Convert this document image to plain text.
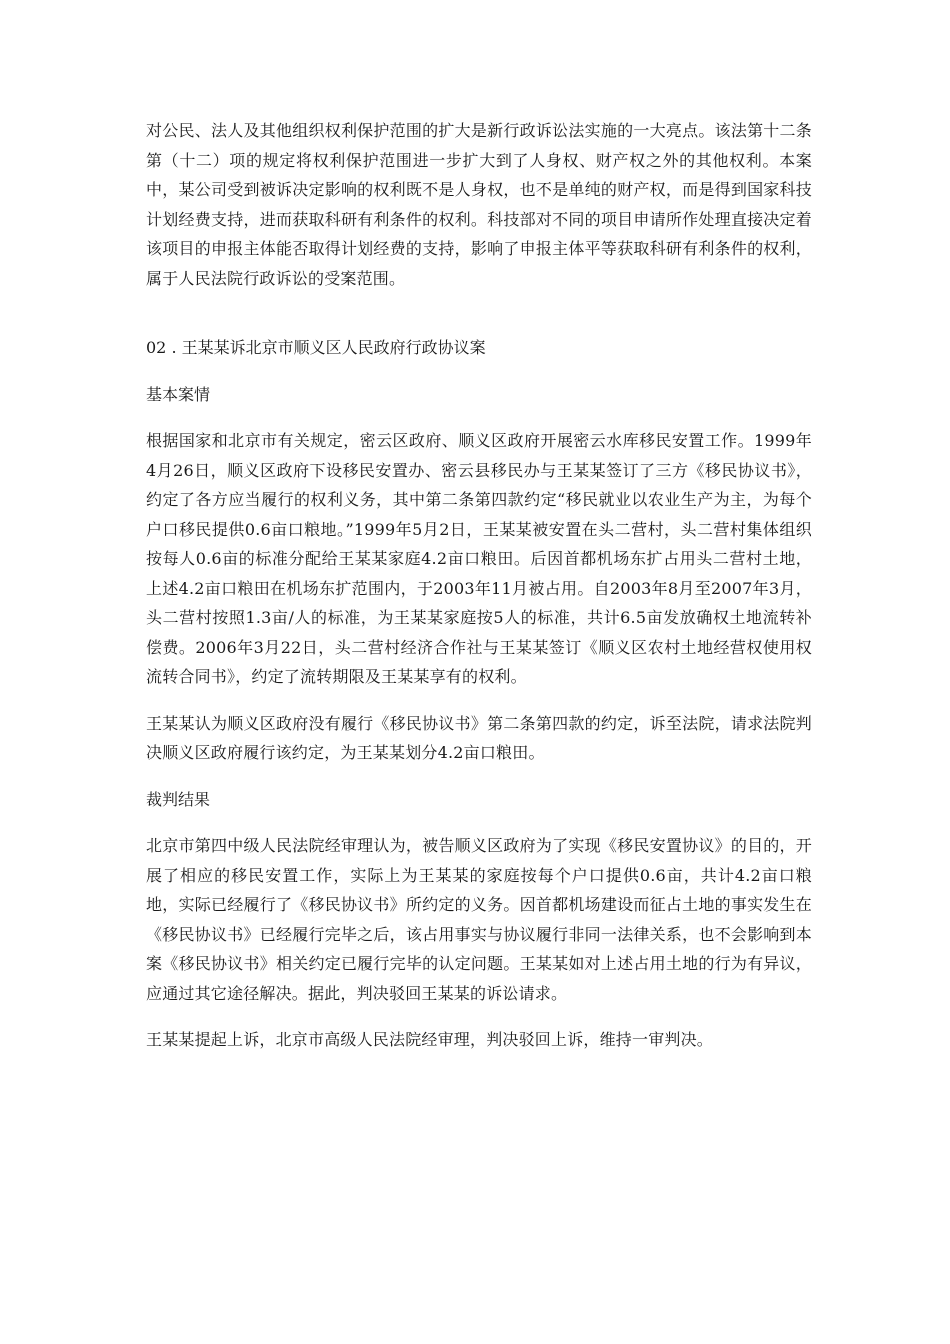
对公民、法人及其他组织权利保护范围的扩大是新行政诉讼法实施的一大亮点。该法第十二条第（十二）项的规定将权利保护范围进一步扩大到了人身权、财产权之外的其他权利。本案中，某公司受到被诉决定影响的权利既不是人身权，也不是单纯的财产权，而是得到国家科技计划经费支持，进而获取科研有利条件的权利。科技部对不同的项目申请所作处理直接决定着该项目的申报主体能否取得计划经费的支持，影响了申报主体平等获取科研有利条件的权利，属于人民法院行政诉讼的受案范围。

02 . 王某某诉北京市顺义区人民政府行政协议案

基本案情

根据国家和北京市有关规定，密云区政府、顺义区政府开展密云水库移民安置工作。1999年4月26日，顺义区政府下设移民安置办、密云县移民办与王某某签订了三方《移民协议书》，约定了各方应当履行的权利义务，其中第二条第四款约定“移民就业以农业生产为主，为每个户口移民提供0.6亩口粮地。”1999年5月2日，王某某被安置在头二营村，头二营村集体组织按每人0.6亩的标准分配给王某某家庭4.2亩口粮田。后因首都机场东扩占用头二营村土地，上述4.2亩口粮田在机场东扩范围内，于2003年11月被占用。自2003年8月至2007年3月，头二营村按照1.3亩/人的标准，为王某某家庭按5人的标准，共计6.5亩发放确权土地流转补偿费。2006年3月22日，头二营村经济合作社与王某某签订《顺义区农村土地经营权使用权流转合同书》，约定了流转期限及王某某享有的权利。

王某某认为顺义区政府没有履行《移民协议书》第二条第四款的约定，诉至法院，请求法院判决顺义区政府履行该约定，为王某某划分4.2亩口粮田。

裁判结果

北京市第四中级人民法院经审理认为，被告顺义区政府为了实现《移民安置协议》的目的，开展了相应的移民安置工作，实际上为王某某的家庭按每个户口提供0.6亩，共计4.2亩口粮地，实际已经履行了《移民协议书》所约定的义务。因首都机场建设而征占土地的事实发生在《移民协议书》已经履行完毕之后，该占用事实与协议履行非同一法律关系，也不会影响到本案《移民协议书》相关约定已履行完毕的认定问题。王某某如对上述占用土地的行为有异议，应通过其它途径解决。据此，判决驳回王某某的诉讼请求。

王某某提起上诉，北京市高级人民法院经审理，判决驳回上诉，维持一审判决。
